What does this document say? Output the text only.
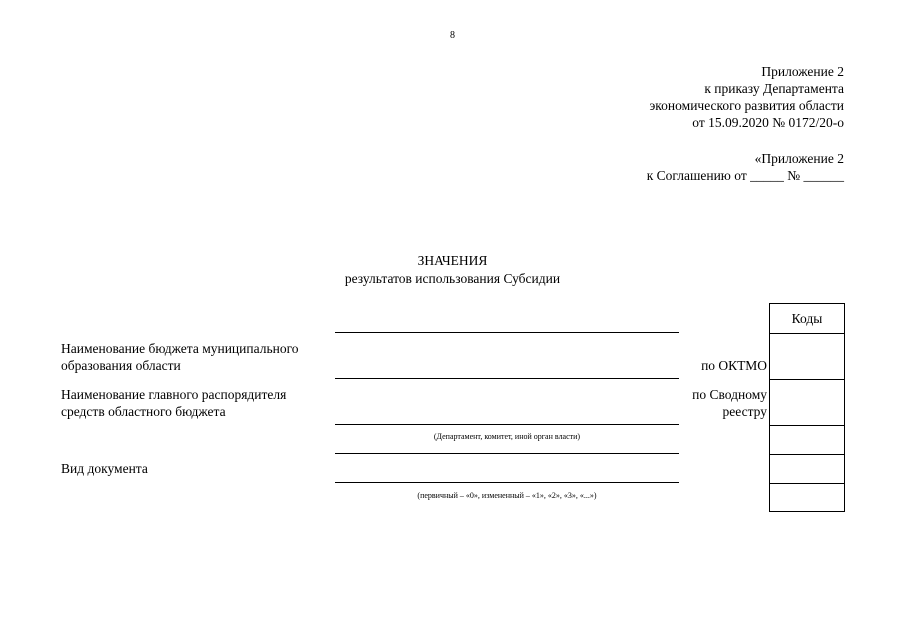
8
Приложение 2
к приказу Департамента
экономического развития области
от 15.09.2020 № 0172/20-о
«Приложение 2
к Соглашению от _____ № ______
ЗНАЧЕНИЯ
результатов использования Субсидии
Коды
Наименование бюджета муниципального
образования области
Наименование главного распорядителя
средств областного бюджета
Вид документа
(Департамент, комитет, иной орган власти)
(первичный – «0», измененный – «1», «2», «3», «...»)
по ОКТМО
по Сводному
реестру
